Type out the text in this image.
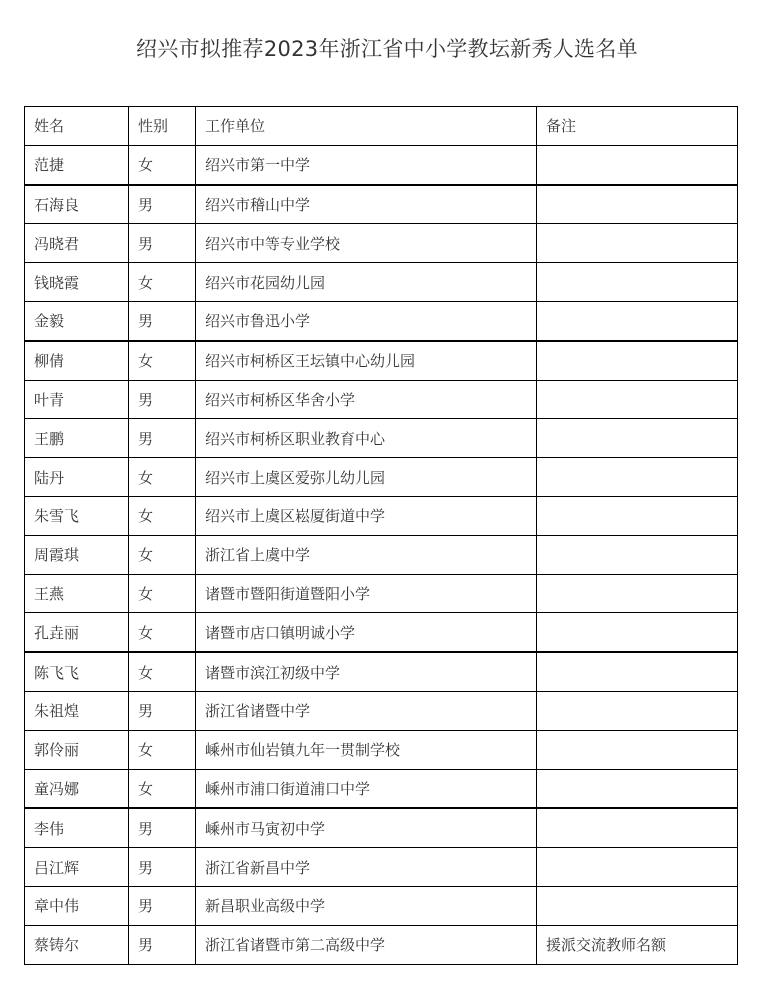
绍兴市拟推荐2023年浙江省中小学教坛新秀人选名单
姓名	性别	工作单位	备注
范捷	女	绍兴市第一中学	
石海良	男	绍兴市稽山中学	
冯晓君	男	绍兴市中等专业学校	
钱晓霞	女	绍兴市花园幼儿园	
金毅	男	绍兴市鲁迅小学	
柳倩	女	绍兴市柯桥区王坛镇中心幼儿园	
叶青	男	绍兴市柯桥区华舍小学	
王鹏	男	绍兴市柯桥区职业教育中心	
陆丹	女	绍兴市上虞区爱弥儿幼儿园	
朱雪飞	女	绍兴市上虞区崧厦街道中学	
周霞琪	女	浙江省上虞中学	
王燕	女	诸暨市暨阳街道暨阳小学	
孔垚丽	女	诸暨市店口镇明诚小学	
陈飞飞	女	诸暨市滨江初级中学	
朱祖煌	男	浙江省诸暨中学	
郭伶丽	女	嵊州市仙岩镇九年一贯制学校	
童冯娜	女	嵊州市浦口街道浦口中学	
李伟	男	嵊州市马寅初中学	
吕江辉	男	浙江省新昌中学	
章中伟	男	新昌职业高级中学	
蔡铸尔	男	浙江省诸暨市第二高级中学	援派交流教师名额
